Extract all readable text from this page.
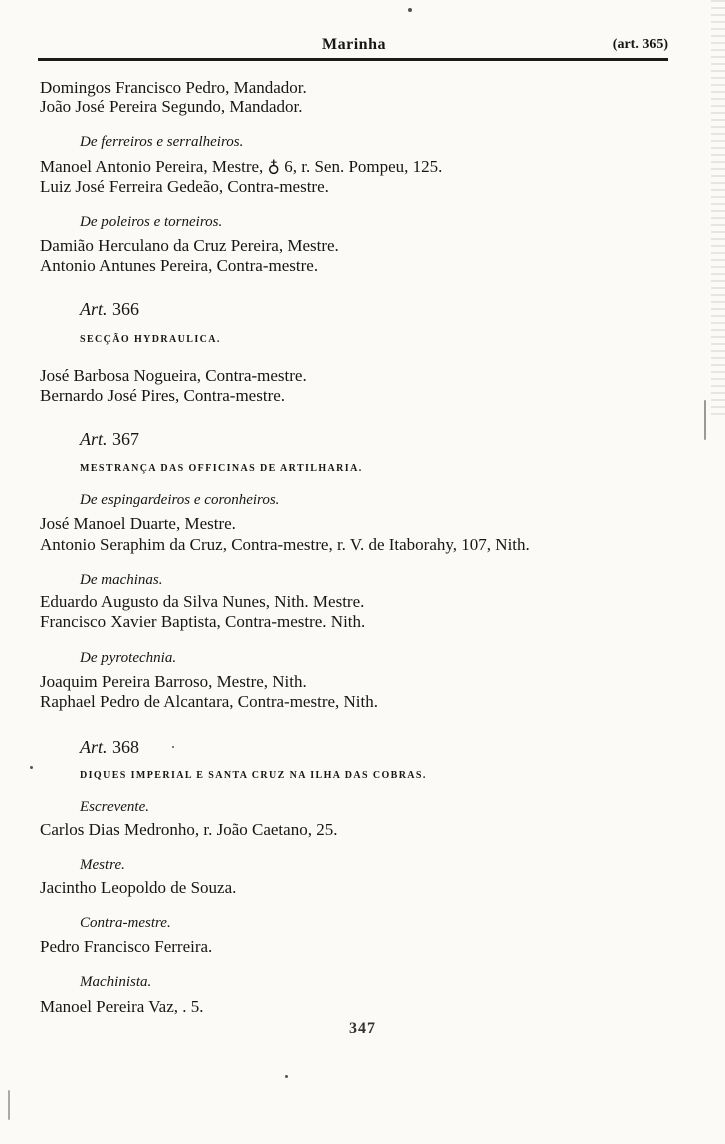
Marinha	(art. 365)
Domingos Francisco Pedro, Mandador.
João José Pereira Segundo, Mandador.
De ferreiros e serralheiros.
Manoel Antonio Pereira, Mestre, ♁ 6, r. Sen. Pompeu, 125.
Luiz José Ferreira Gedeão, Contra-mestre.
De poleiros e torneiros.
Damião Herculano da Cruz Pereira, Mestre.
Antonio Antunes Pereira, Contra-mestre.
Art. 366
SECÇÃO HYDRAULICA.
José Barbosa Nogueira, Contra-mestre.
Bernardo José Pires, Contra-mestre.
Art. 367
MESTRANÇA DAS OFFICINAS DE ARTILHARIA.
De espingardeiros e coronheiros.
José Manoel Duarte, Mestre.
Antonio Seraphim da Cruz, Contra-mestre, r. V. de Itaborahy, 107, Nith.
De machinas.
Eduardo Augusto da Silva Nunes, Nith. Mestre.
Francisco Xavier Baptista, Contra-mestre. Nith.
De pyrotechnia.
Joaquim Pereira Barroso, Mestre, Nith.
Raphael Pedro de Alcantara, Contra-mestre, Nith.
Art. 368
DIQUES IMPERIAL E SANTA CRUZ NA ILHA DAS COBRAS.
Escrevente.
Carlos Dias Medronho, r. João Caetano, 25.
Mestre.
Jacintho Leopoldo de Souza.
Contra-mestre.
Pedro Francisco Ferreira.
Machinista.
Manoel Pereira Vaz, . 5.
347
